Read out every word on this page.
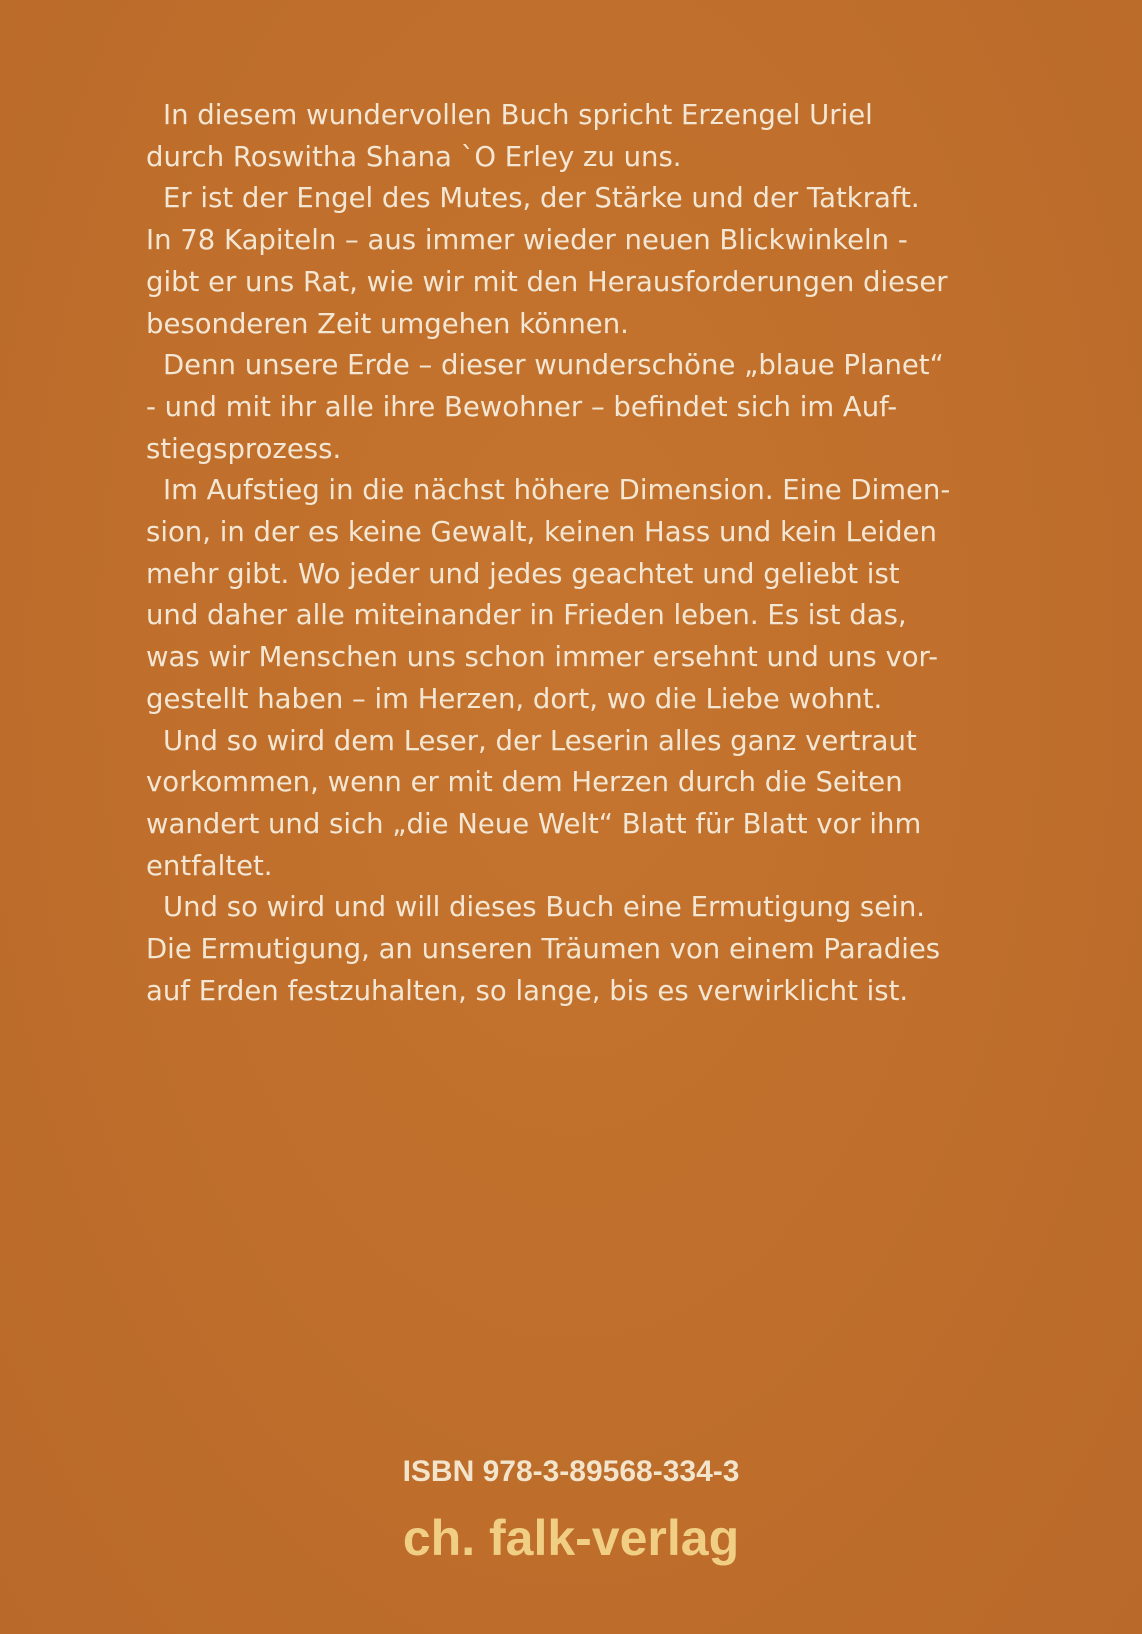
In diesem wundervollen Buch spricht Erzengel Uriel
durch Roswitha Shana `O Erley zu uns.
Er ist der Engel des Mutes, der Stärke und der Tatkraft.
In 78 Kapiteln – aus immer wieder neuen Blickwinkeln -
gibt er uns Rat, wie wir mit den Herausforderungen dieser
besonderen Zeit umgehen können.
Denn unsere Erde – dieser wunderschöne „blaue Planet“
- und mit ihr alle ihre Bewohner – befindet sich im Auf-
stiegsprozess.
Im Aufstieg in die nächst höhere Dimension. Eine Dimen-
sion, in der es keine Gewalt, keinen Hass und kein Leiden
mehr gibt. Wo jeder und jedes geachtet und geliebt ist
und daher alle miteinander in Frieden leben. Es ist das,
was wir Menschen uns schon immer ersehnt und uns vor-
gestellt haben – im Herzen, dort, wo die Liebe wohnt.
Und so wird dem Leser, der Leserin alles ganz vertraut
vorkommen, wenn er mit dem Herzen durch die Seiten
wandert und sich „die Neue Welt“ Blatt für Blatt vor ihm
entfaltet.
Und so wird und will dieses Buch eine Ermutigung sein.
Die Ermutigung, an unseren Träumen von einem Paradies
auf Erden festzuhalten, so lange, bis es verwirklicht ist.
ISBN 978-3-89568-334-3
ch. falk-verlag
